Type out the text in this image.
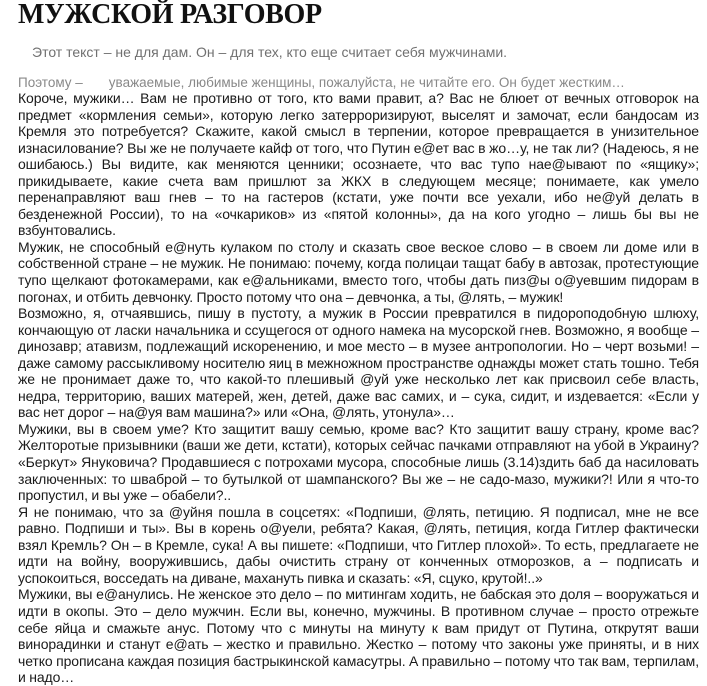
МУЖСКОЙ РАЗГОВОР
Этот текст – не для дам. Он – для тех, кто еще считает себя мужчинами.
Поэтому – уважаемые, любимые женщины, пожалуйста, не читайте его. Он будет жестким…

Короче, мужики… Вам не противно от того, кто вами правит, а? Вас не блюет от вечных отговорок на предмет «кормления семьи», которую легко затерроризируют, выселят и замочат, если бандосам из Кремля это потребуется? Скажите, какой смысл в терпении, которое превращается в унизительное изнасилование? Вы же не получаете кайф от того, что Путин е@ет вас в жо…у, не так ли? (Надеюсь, я не ошибаюсь.) Вы видите, как меняются ценники; осознаете, что вас тупо нае@ывают по «ящику»; прикидываете, какие счета вам пришлют за ЖКХ в следующем месяце; понимаете, как умело перенаправляют ваш гнев – то на гастеров (кстати, уже почти все уехали, ибо не@уй делать в безденежной России), то на «очкариков» из «пятой колонны», да на кого угодно – лишь бы вы не взбунтовались.

Мужик, не способный е@нуть кулаком по столу и сказать свое веское слово – в своем ли доме или в собственной стране – не мужик. Не понимаю: почему, когда полицаи тащат бабу в автозак, протестующие тупо щелкают фотокамерами, как е@альниками, вместо того, чтобы дать пиз@ы о@уевшим пидорам в погонах, и отбить девчонку. Просто потому что она – девчонка, а ты, @лять, – мужик!

Возможно, я, отчаявшись, пишу в пустоту, а мужик в России превратился в пидороподобную шлюху, кончающую от ласки начальника и ссущегося от одного намека на мусорской гнев. Возможно, я вообще – динозавр; атавизм, подлежащий искоренению, и мое место – в музее антропологии. Но – черт возьми! – даже самому рассыкливому носителю яиц в межножном пространстве однажды может стать тошно. Тебя же не пронимает даже то, что какой-то плешивый @уй уже несколько лет как присвоил себе власть, недра, территорию, ваших матерей, жен, детей, даже вас самих, и – сука, сидит, и издевается: «Если у вас нет дорог – на@уя вам машина?» или «Она, @лять, утонула»…

Мужики, вы в своем уме? Кто защитит вашу семью, кроме вас? Кто защитит вашу страну, кроме вас? Желторотые призывники (ваши же дети, кстати), которых сейчас пачками отправляют на убой в Украину? «Беркут» Януковича? Продавшиеся с потрохами мусора, способные лишь (3.14)здить баб да насиловать заключенных: то шваброй – то бутылкой от шампанского? Вы же – не садо-мазо, мужики?! Или я что-то пропустил, и вы уже – обабели?..

Я не понимаю, что за @уйня пошла в соцсетях: «Подпиши, @лять, петицию. Я подписал, мне не все равно. Подпиши и ты». Вы в корень о@уели, ребята? Какая, @лять, петиция, когда Гитлер фактически взял Кремль? Он – в Кремле, сука! А вы пишете: «Подпиши, что Гитлер плохой». То есть, предлагаете не идти на войну, вооружившись, дабы очистить страну от конченных отморозков, а – подписать и успокоиться, восседать на диване, махануть пивка и сказать: «Я, сцуко, крутой!..»

Мужики, вы е@анулись. Не женское это дело – по митингам ходить, не бабская это доля – вооружаться и идти в окопы. Это – дело мужчин. Если вы, конечно, мужчины. В противном случае – просто отрежьте себе яйца и смажьте анус. Потому что с минуты на минуту к вам придут от Путина, открутят ваши винорадинки и станут е@ать – жестко и правильно. Жестко – потому что законы уже приняты, и в них четко прописана каждая позиция бастрыкинской камасутры. А правильно – потому что так вам, терпилам, и надо…
